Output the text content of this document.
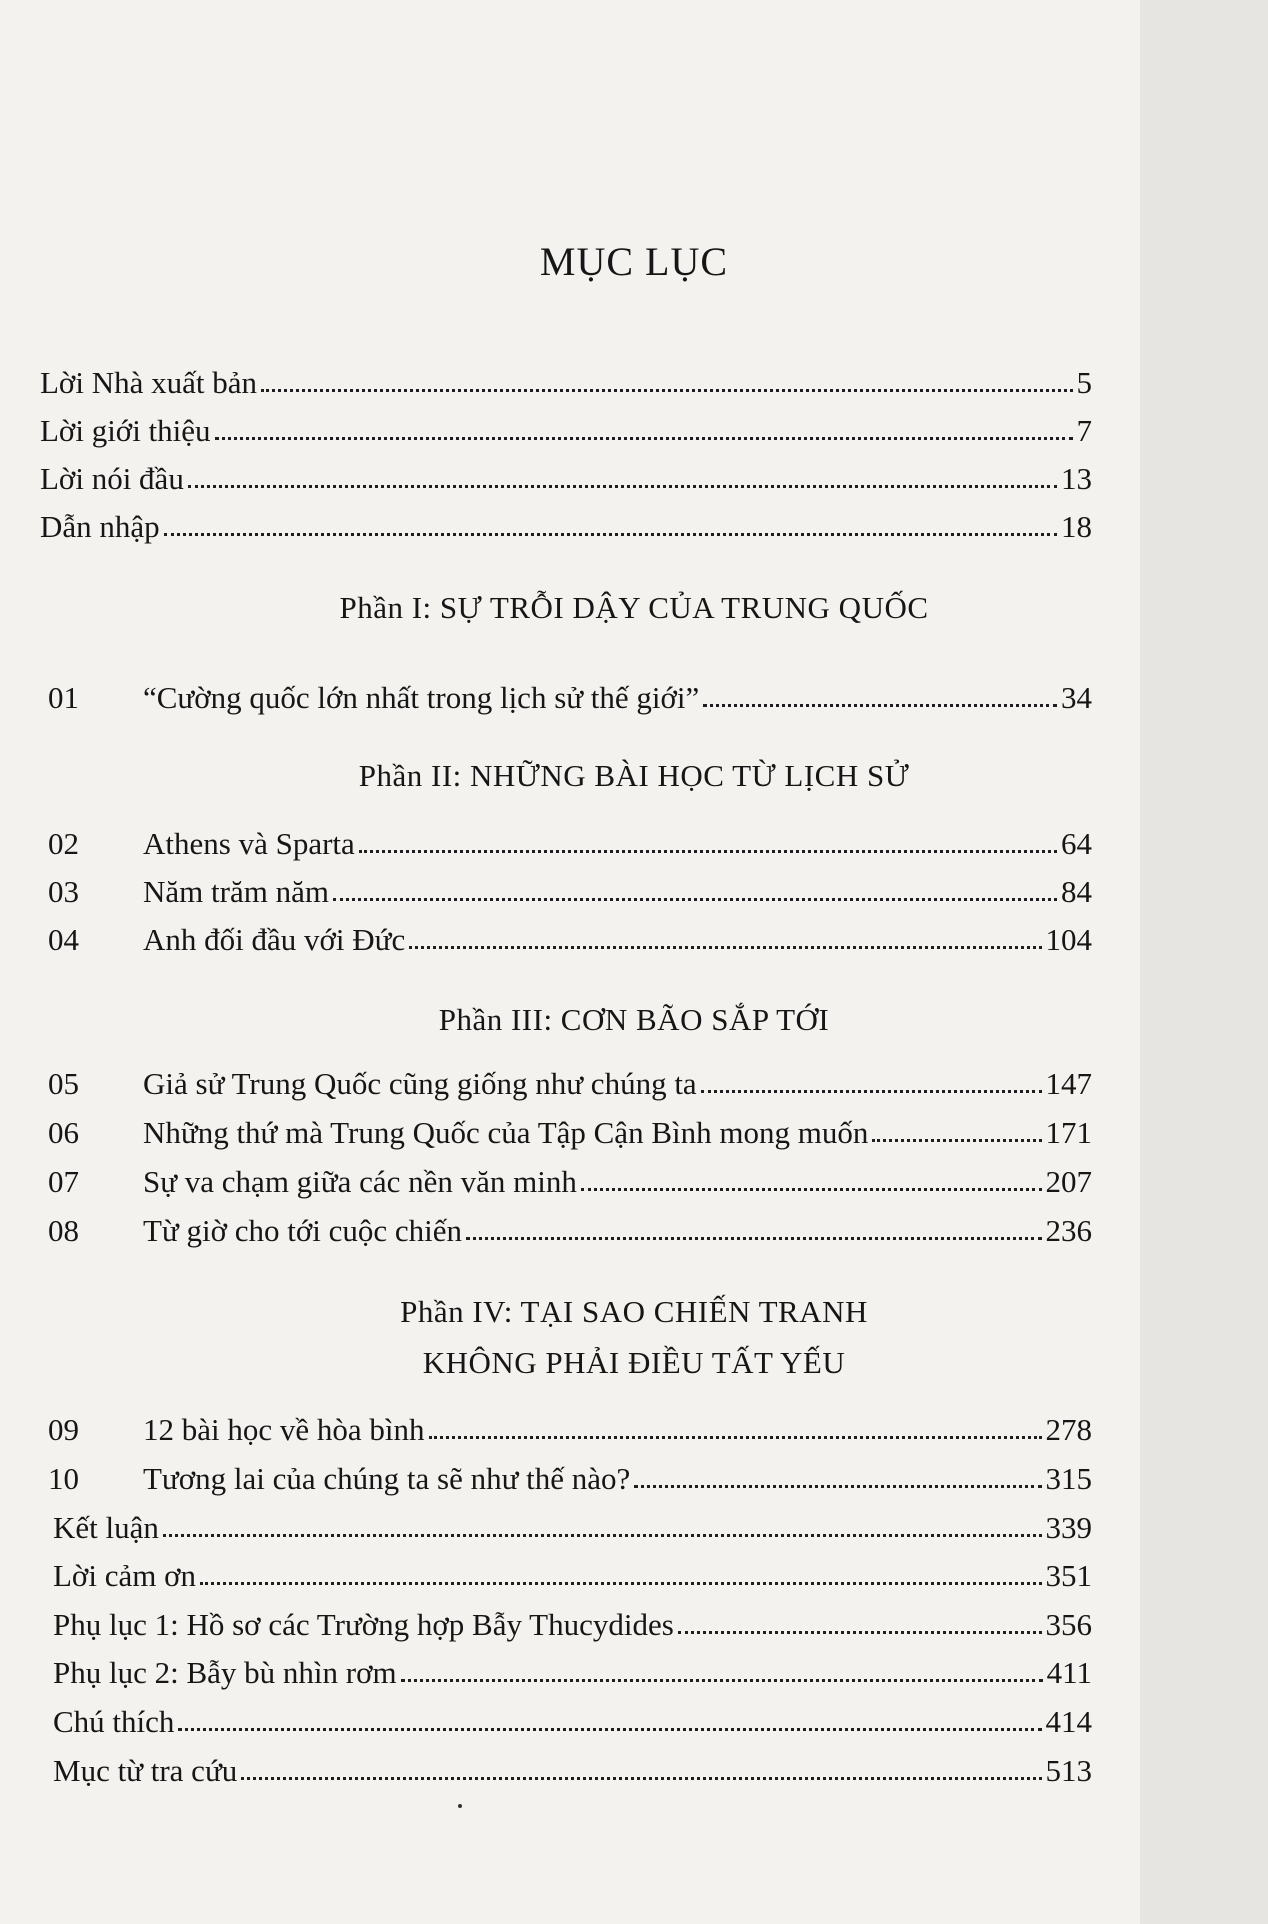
MỤC LỤC
Lời Nhà xuất bản	5
Lời giới thiệu	7
Lời nói đầu	13
Dẫn nhập	18
Phần I: SỰ TRỖI DẬY CỦA TRUNG QUỐC
01	“Cường quốc lớn nhất trong lịch sử thế giới”	34
Phần II: NHỮNG BÀI HỌC TỪ LỊCH SỬ
02	Athens và Sparta	64
03	Năm trăm năm	84
04	Anh đối đầu với Đức	104
Phần III: CƠN BÃO SẮP TỚI
05	Giả sử Trung Quốc cũng giống như chúng ta	147
06	Những thứ mà Trung Quốc của Tập Cận Bình mong muốn	171
07	Sự va chạm giữa các nền văn minh	207
08	Từ giờ cho tới cuộc chiến	236
Phần IV: TẠI SAO CHIẾN TRANH
KHÔNG PHẢI ĐIỀU TẤT YẾU
09	12 bài học về hòa bình	278
10	Tương lai của chúng ta sẽ như thế nào?	315
Kết luận	339
Lời cảm ơn	351
Phụ lục 1: Hồ sơ các Trường hợp Bẫy Thucydides	356
Phụ lục 2: Bẫy bù nhìn rơm	411
Chú thích	414
Mục từ tra cứu	513
